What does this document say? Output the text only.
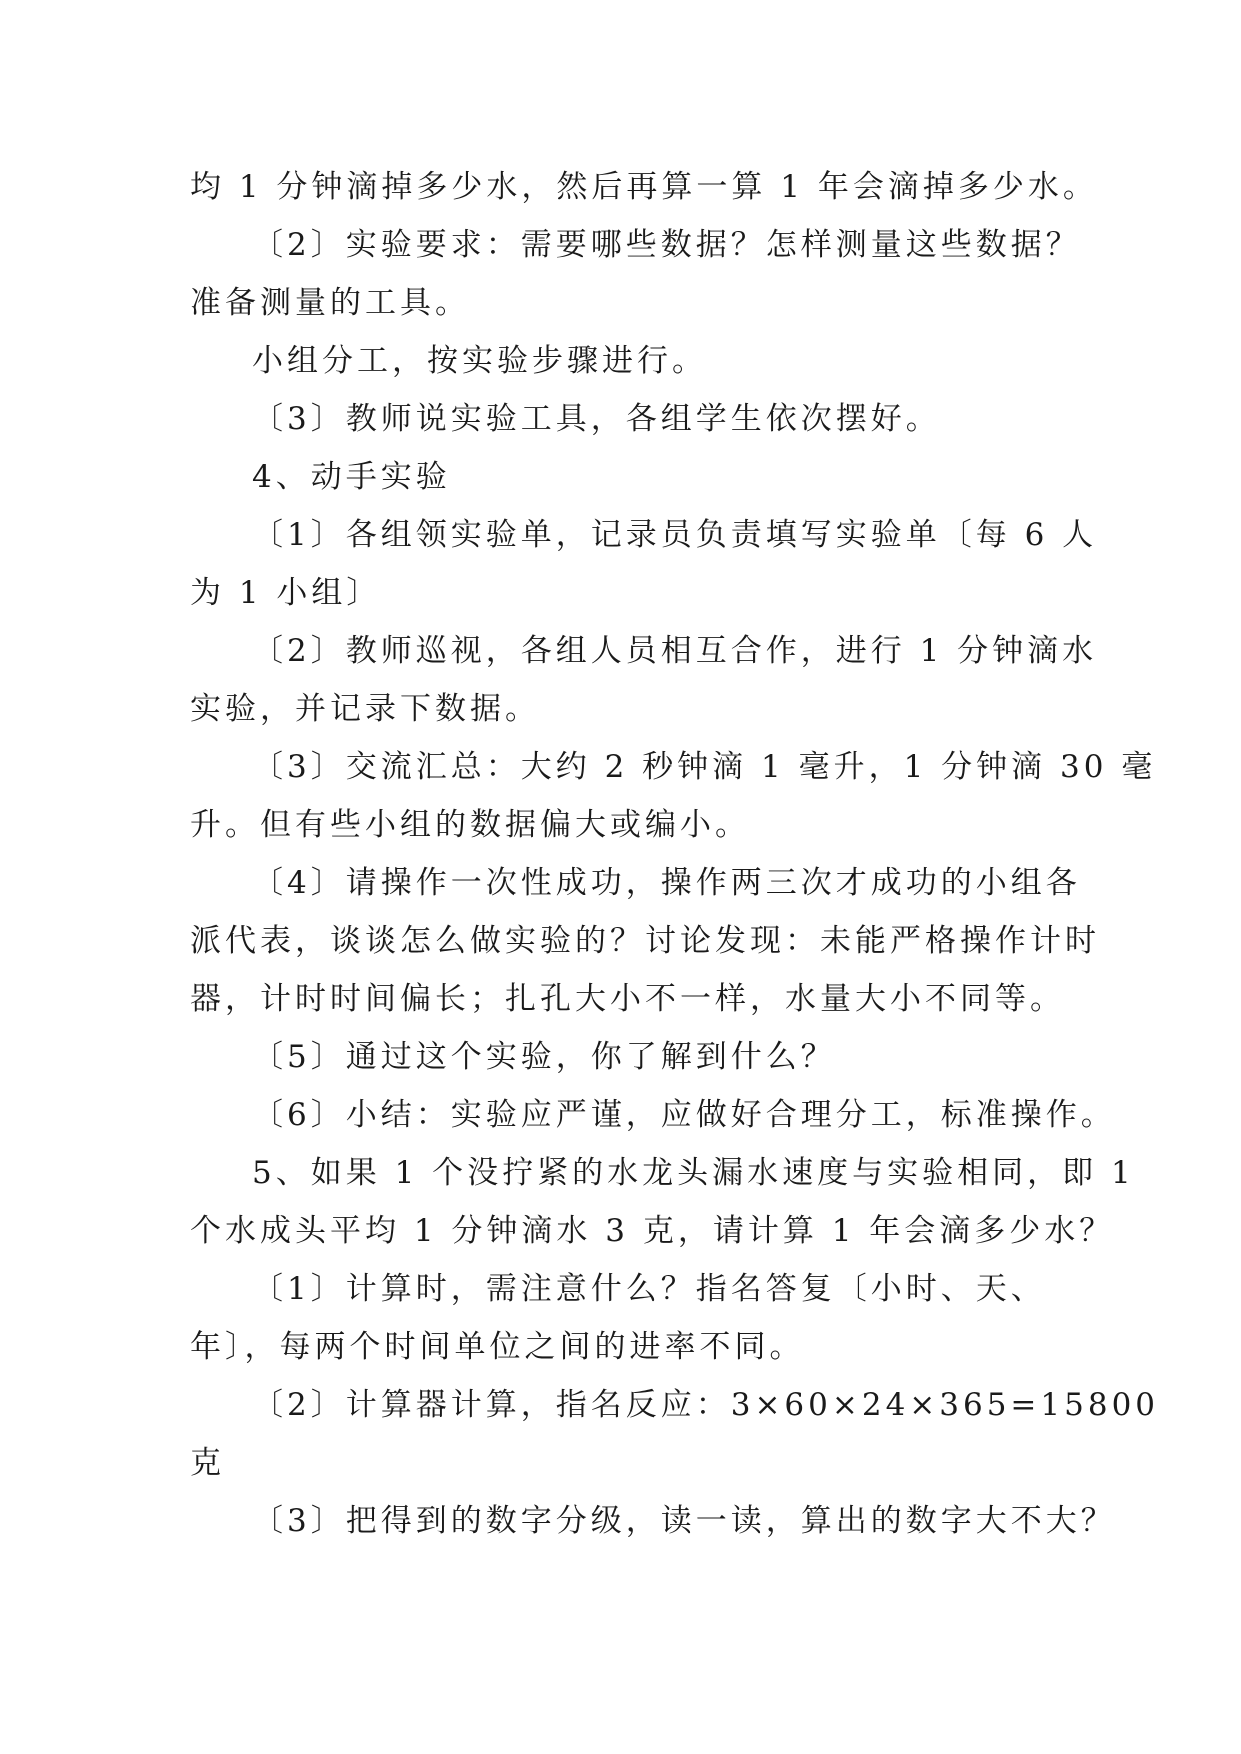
均 1 分钟滴掉多少水，然后再算一算 1 年会滴掉多少水。

〔2〕实验要求：需要哪些数据？怎样测量这些数据？

准备测量的工具。

小组分工，按实验步骤进行。

〔3〕教师说实验工具，各组学生依次摆好。

4、动手实验

〔1〕各组领实验单，记录员负责填写实验单〔每 6 人

为 1 小组〕

〔2〕教师巡视，各组人员相互合作，进行 1 分钟滴水

实验，并记录下数据。

〔3〕交流汇总：大约 2 秒钟滴 1 毫升，1 分钟滴 30 毫

升。但有些小组的数据偏大或编小。

〔4〕请操作一次性成功，操作两三次才成功的小组各

派代表，谈谈怎么做实验的？讨论发现：未能严格操作计时

器，计时时间偏长；扎孔大小不一样，水量大小不同等。

〔5〕通过这个实验，你了解到什么？

〔6〕小结：实验应严谨，应做好合理分工，标准操作。

5、如果 1 个没拧紧的水龙头漏水速度与实验相同，即 1

个水成头平均 1 分钟滴水 3 克，请计算 1 年会滴多少水？

〔1〕计算时，需注意什么？指名答复〔小时、天、

年〕，每两个时间单位之间的进率不同。

〔2〕计算器计算，指名反应：3×60×24×365=15800

克

〔3〕把得到的数字分级，读一读，算出的数字大不大？
